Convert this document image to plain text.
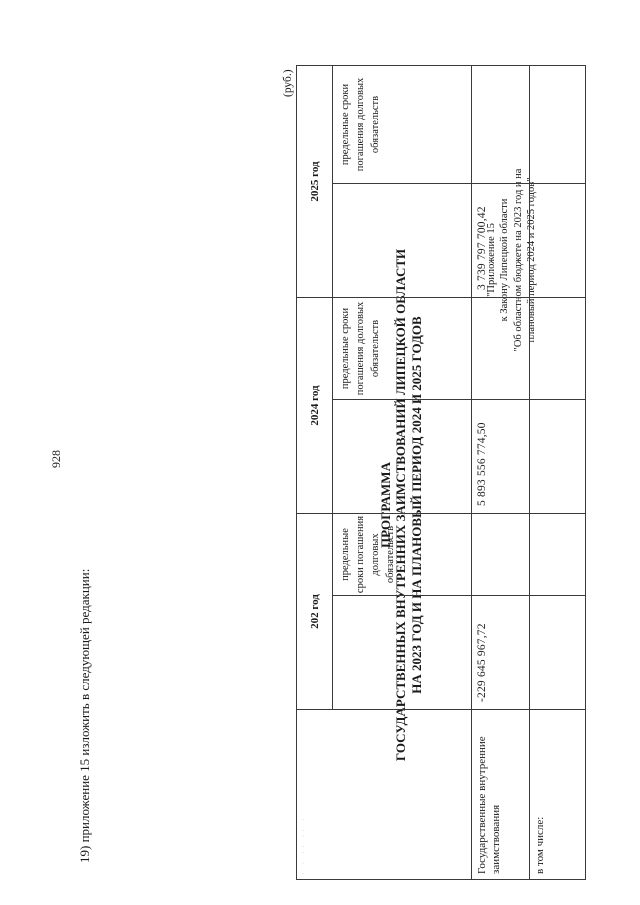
928
19) приложение 15 изложить в следующей редакции:
"Приложение 15 к Закону Липецкой области "Об областном бюджете на 2023 год и на плановый период 2024 и 2025 годов"
ПРОГРАММА ГОСУДАРСТВЕННЫХ ВНУТРЕННИХ ЗАИМСТВОВАНИЙ ЛИПЕЦКОЙ ОБЛАСТИ НА 2023 ГОД И НА ПЛАНОВЫЙ ПЕРИОД 2024 И 2025 ГОДОВ
(руб.)
· · ·· ·· ·	202 год		2024 год		2025 год	
		предельные сроки погашения долговых обязательств		предельные сроки погашения долговых обязательств		предельные сроки погашения долговых обязательств
Государственные внутренние заимствования	-229 645 967,72		5 893 556 774,50		3 739 797 700,42	
в том числе:						
